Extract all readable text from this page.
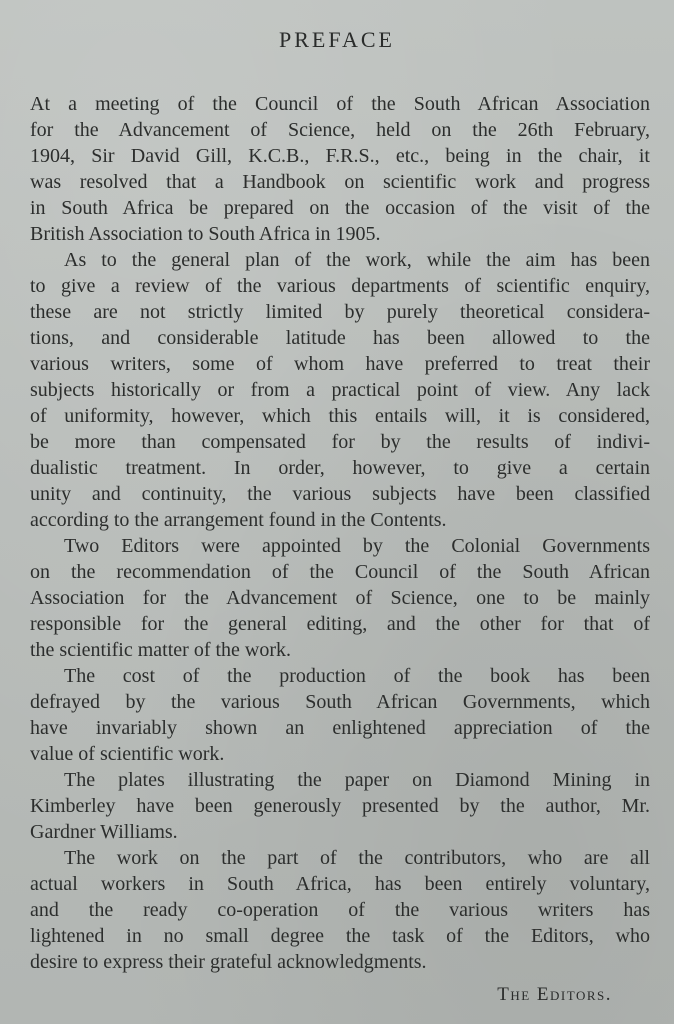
PREFACE
At a meeting of the Council of the South African Association
for the Advancement of Science, held on the 26th February,
1904, Sir David Gill, K.C.B., F.R.S., etc., being in the chair, it
was resolved that a Handbook on scientific work and progress
in South Africa be prepared on the occasion of the visit of the
British Association to South Africa in 1905.
As to the general plan of the work, while the aim has been
to give a review of the various departments of scientific enquiry,
these are not strictly limited by purely theoretical considera-
tions, and considerable latitude has been allowed to the
various writers, some of whom have preferred to treat their
subjects historically or from a practical point of view. Any lack
of uniformity, however, which this entails will, it is considered,
be more than compensated for by the results of indivi-
dualistic treatment. In order, however, to give a certain
unity and continuity, the various subjects have been classified
according to the arrangement found in the Contents.
Two Editors were appointed by the Colonial Governments
on the recommendation of the Council of the South African
Association for the Advancement of Science, one to be mainly
responsible for the general editing, and the other for that of
the scientific matter of the work.
The cost of the production of the book has been
defrayed by the various South African Governments, which
have invariably shown an enlightened appreciation of the
value of scientific work.
The plates illustrating the paper on Diamond Mining in
Kimberley have been generously presented by the author, Mr.
Gardner Williams.
The work on the part of the contributors, who are all
actual workers in South Africa, has been entirely voluntary,
and the ready co-operation of the various writers has
lightened in no small degree the task of the Editors, who
desire to express their grateful acknowledgments.
The Editors.
